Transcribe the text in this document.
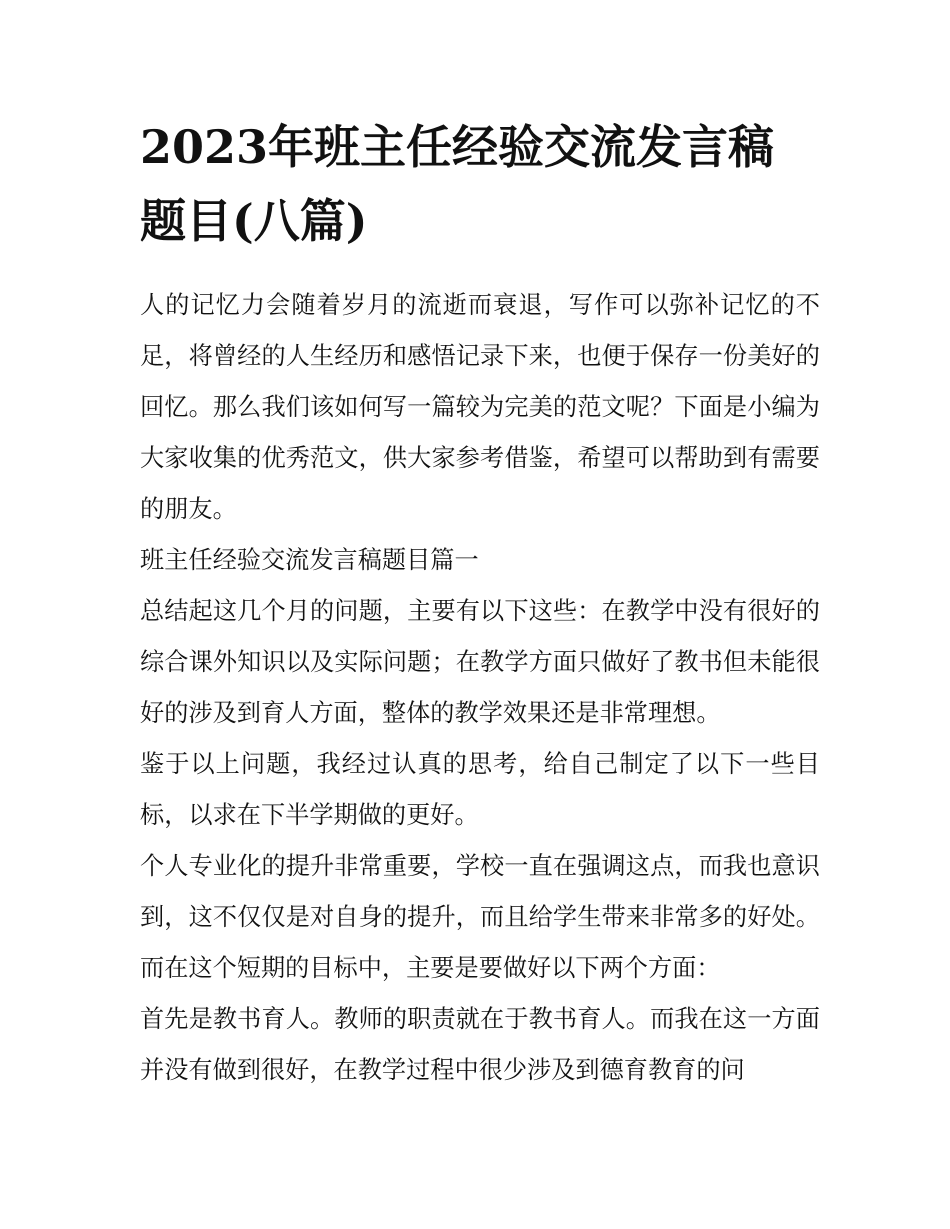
2023年班主任经验交流发言稿
题目(八篇)

人的记忆力会随着岁月的流逝而衰退，写作可以弥补记忆的不足，将曾经的人生经历和感悟记录下来，也便于保存一份美好的回忆。那么我们该如何写一篇较为完美的范文呢？下面是小编为大家收集的优秀范文，供大家参考借鉴，希望可以帮助到有需要的朋友。

班主任经验交流发言稿题目篇一

总结起这几个月的问题，主要有以下这些：在教学中没有很好的综合课外知识以及实际问题；在教学方面只做好了教书但未能很好的涉及到育人方面，整体的教学效果还是非常理想。

鉴于以上问题，我经过认真的思考，给自己制定了以下一些目标，以求在下半学期做的更好。

个人专业化的提升非常重要，学校一直在强调这点，而我也意识到，这不仅仅是对自身的提升，而且给学生带来非常多的好处。而在这个短期的目标中，主要是要做好以下两个方面：

首先是教书育人。教师的职责就在于教书育人。而我在这一方面并没有做到很好，在教学过程中很少涉及到德育教育的问
